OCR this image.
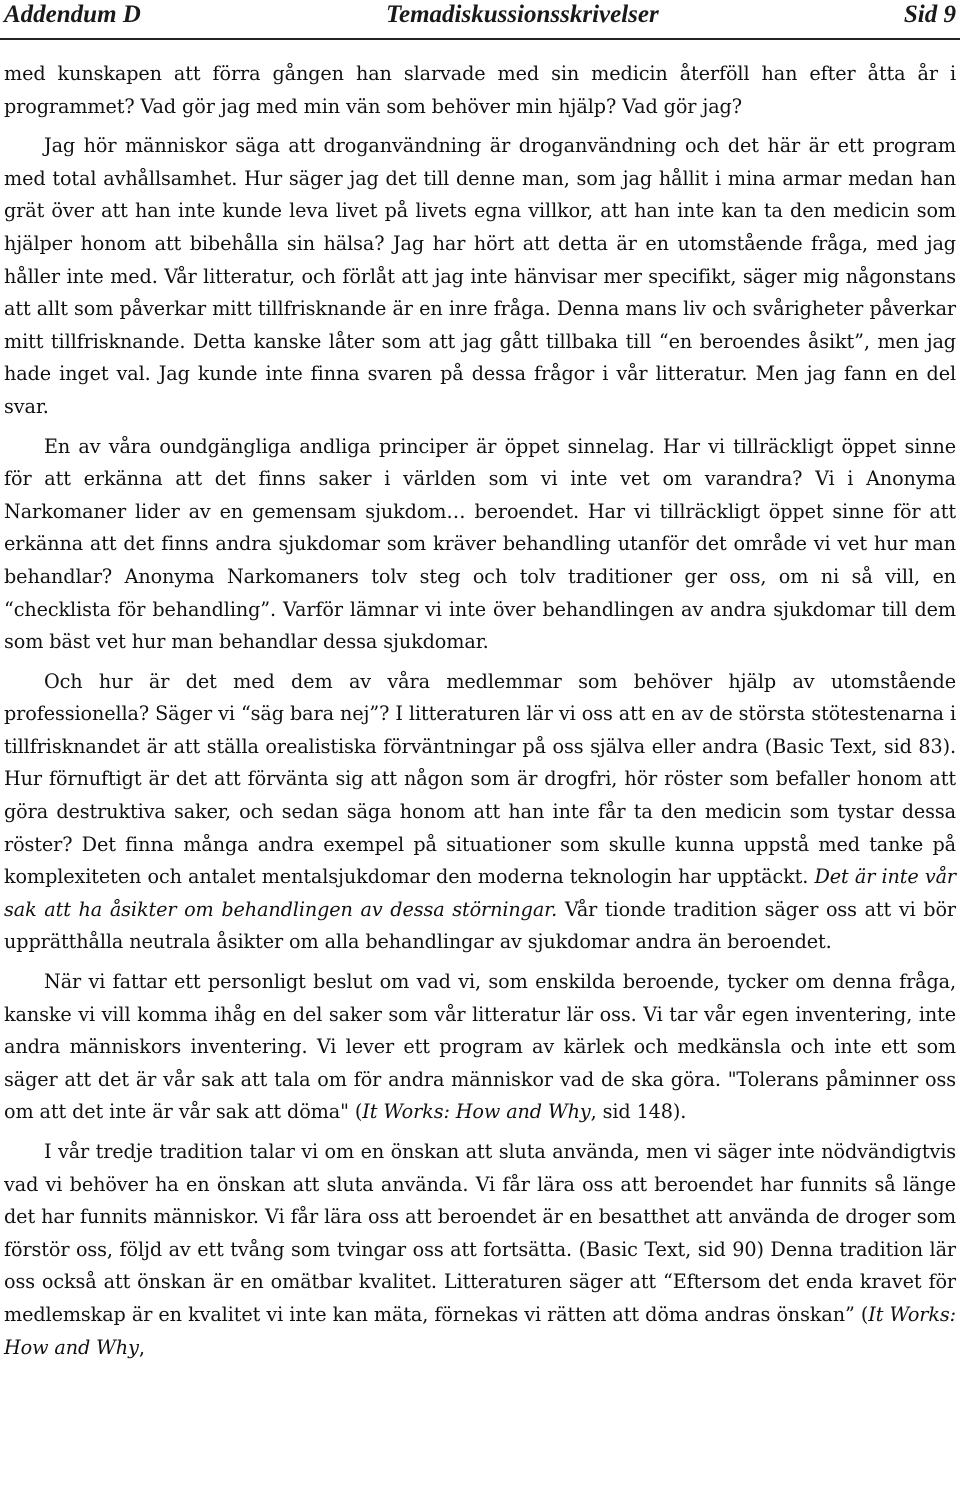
Addendum D	Temadiskussionsskrivelser	Sid 9

med kunskapen att förra gången han slarvade med sin medicin återföll han efter åtta år i programmet? Vad gör jag med min vän som behöver min hjälp? Vad gör jag?

Jag hör människor säga att droganvändning är droganvändning och det här är ett program med total avhållsamhet. Hur säger jag det till denne man, som jag hållit i mina armar medan han grät över att han inte kunde leva livet på livets egna villkor, att han inte kan ta den medicin som hjälper honom att bibehålla sin hälsa? Jag har hört att detta är en utomstående fråga, med jag håller inte med. Vår litteratur, och förlåt att jag inte hänvisar mer specifikt, säger mig någonstans att allt som påverkar mitt tillfrisknande är en inre fråga. Denna mans liv och svårigheter påverkar mitt tillfrisknande. Detta kanske låter som att jag gått tillbaka till “en beroendes åsikt”, men jag hade inget val. Jag kunde inte finna svaren på dessa frågor i vår litteratur. Men jag fann en del svar.

En av våra oundgängliga andliga principer är öppet sinnelag. Har vi tillräckligt öppet sinne för att erkänna att det finns saker i världen som vi inte vet om varandra? Vi i Anonyma Narkomaner lider av en gemensam sjukdom… beroendet. Har vi tillräckligt öppet sinne för att erkänna att det finns andra sjukdomar som kräver behandling utanför det område vi vet hur man behandlar? Anonyma Narkomaners tolv steg och tolv traditioner ger oss, om ni så vill, en “checklista för behandling”. Varför lämnar vi inte över behandlingen av andra sjukdomar till dem som bäst vet hur man behandlar dessa sjukdomar.

Och hur är det med dem av våra medlemmar som behöver hjälp av utomstående professionella? Säger vi “säg bara nej”? I litteraturen lär vi oss att en av de största stötestenarna i tillfrisknandet är att ställa orealistiska förväntningar på oss själva eller andra (Basic Text, sid 83). Hur förnuftigt är det att förvänta sig att någon som är drogfri, hör röster som befaller honom att göra destruktiva saker, och sedan säga honom att han inte får ta den medicin som tystar dessa röster? Det finna många andra exempel på situationer som skulle kunna uppstå med tanke på komplexiteten och antalet mentalsjukdomar den moderna teknologin har upptäckt. Det är inte vår sak att ha åsikter om behandlingen av dessa störningar. Vår tionde tradition säger oss att vi bör upprätthålla neutrala åsikter om alla behandlingar av sjukdomar andra än beroendet.

När vi fattar ett personligt beslut om vad vi, som enskilda beroende, tycker om denna fråga, kanske vi vill komma ihåg en del saker som vår litteratur lär oss. Vi tar vår egen inventering, inte andra människors inventering. Vi lever ett program av kärlek och medkänsla och inte ett som säger att det är vår sak att tala om för andra människor vad de ska göra. "Tolerans påminner oss om att det inte är vår sak att döma" (It Works: How and Why, sid 148).

I vår tredje tradition talar vi om en önskan att sluta använda, men vi säger inte nödvändigtvis vad vi behöver ha en önskan att sluta använda. Vi får lära oss att beroendet har funnits så länge det har funnits människor. Vi får lära oss att beroendet är en besatthet att använda de droger som förstör oss, följd av ett tvång som tvingar oss att fortsätta. (Basic Text, sid 90) Denna tradition lär oss också att önskan är en omätbar kvalitet. Litteraturen säger att “Eftersom det enda kravet för medlemskap är en kvalitet vi inte kan mäta, förnekas vi rätten att döma andras önskan” (It Works: How and Why,
